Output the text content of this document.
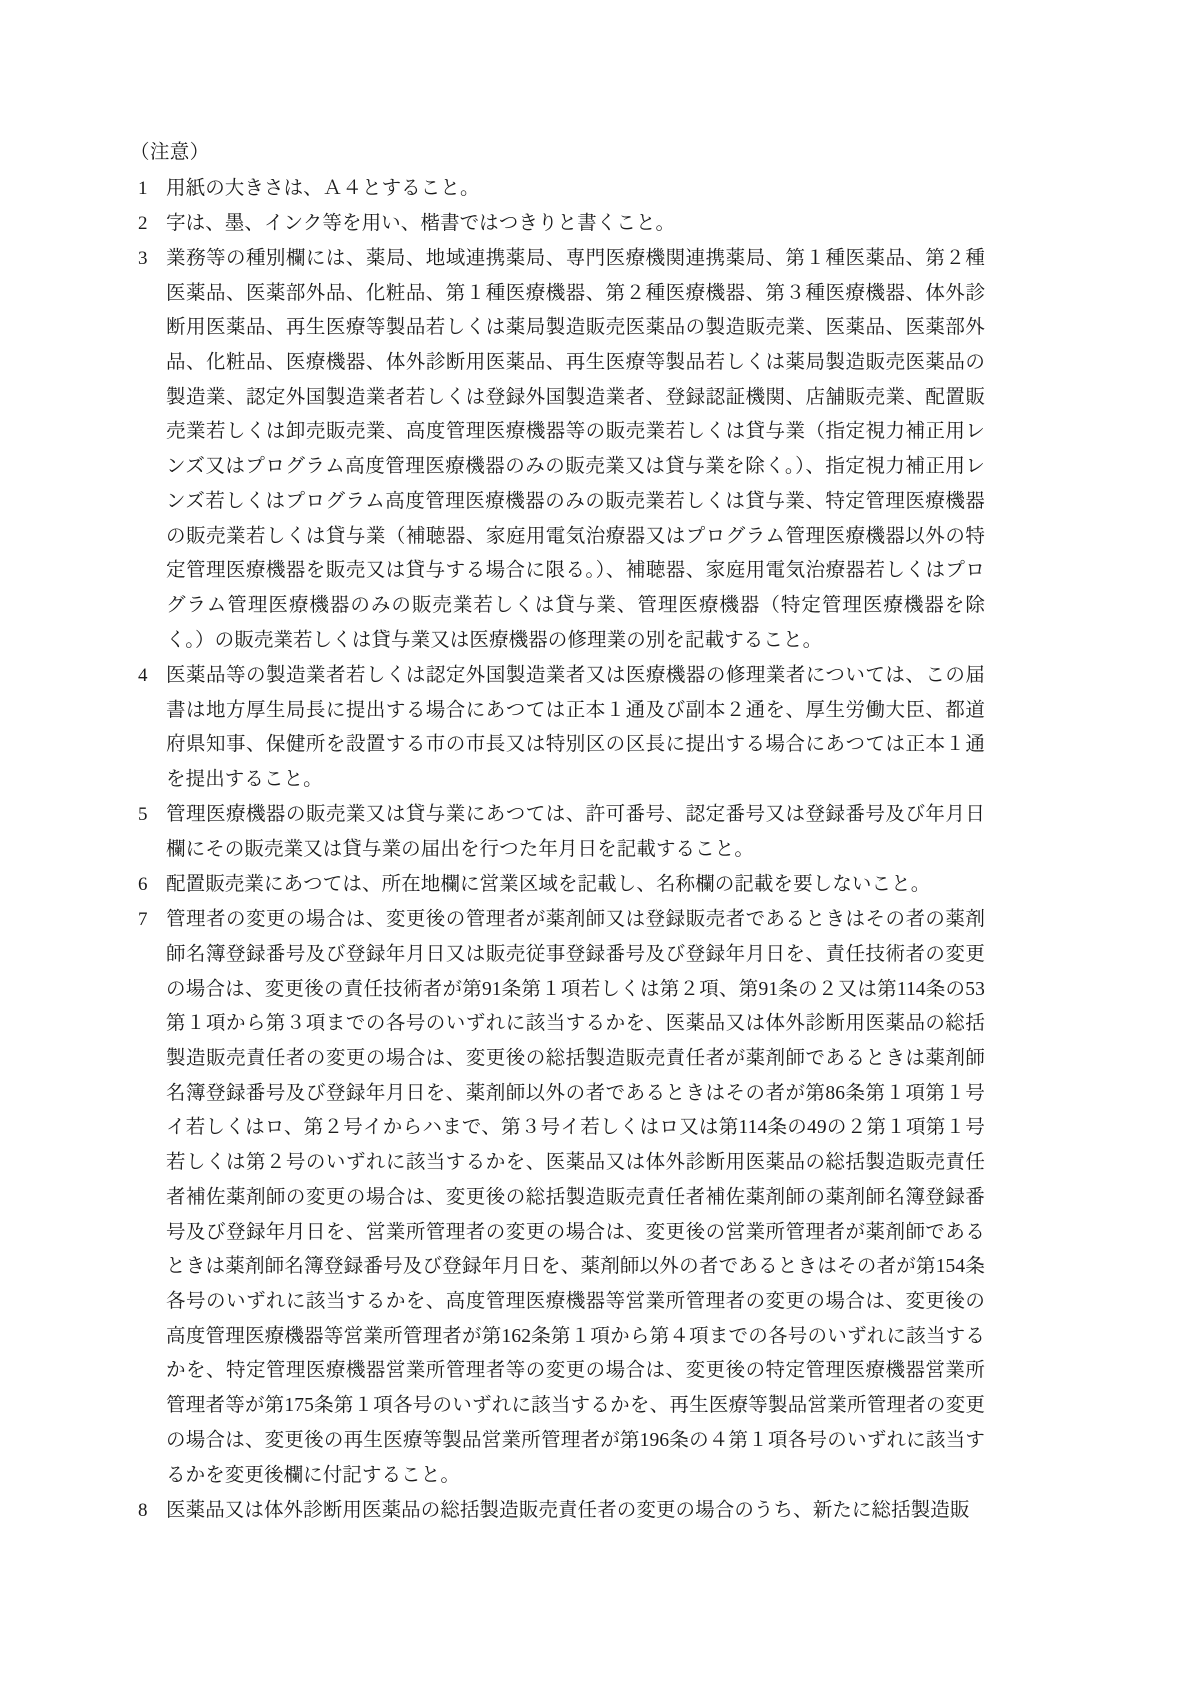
（注意）
1 用紙の大きさは、Ａ４とすること。
2 字は、墨、インク等を用い、楷書ではつきりと書くこと。
3 業務等の種別欄には、薬局、地域連携薬局、専門医療機関連携薬局、第１種医薬品、第２種医薬品、医薬部外品、化粧品、第１種医療機器、第２種医療機器、第３種医療機器、体外診断用医薬品、再生医療等製品若しくは薬局製造販売医薬品の製造販売業、医薬品、医薬部外品、化粧品、医療機器、体外診断用医薬品、再生医療等製品若しくは薬局製造販売医薬品の製造業、認定外国製造業者若しくは登録外国製造業者、登録認証機関、店舗販売業、配置販売業若しくは卸売販売業、高度管理医療機器等の販売業若しくは貸与業（指定視力補正用レンズ又はプログラム高度管理医療機器のみの販売業又は貸与業を除く。）、指定視力補正用レンズ若しくはプログラム高度管理医療機器のみの販売業若しくは貸与業、特定管理医療機器の販売業若しくは貸与業（補聴器、家庭用電気治療器又はプログラム管理医療機器以外の特定管理医療機器を販売又は貸与する場合に限る。）、補聴器、家庭用電気治療器若しくはプログラム管理医療機器のみの販売業若しくは貸与業、管理医療機器（特定管理医療機器を除く。）の販売業若しくは貸与業又は医療機器の修理業の別を記載すること。
4 医薬品等の製造業者若しくは認定外国製造業者又は医療機器の修理業者については、この届書は地方厚生局長に提出する場合にあつては正本１通及び副本２通を、厚生労働大臣、都道府県知事、保健所を設置する市の市長又は特別区の区長に提出する場合にあつては正本１通を提出すること。
5 管理医療機器の販売業又は貸与業にあつては、許可番号、認定番号又は登録番号及び年月日欄にその販売業又は貸与業の届出を行つた年月日を記載すること。
6 配置販売業にあつては、所在地欄に営業区域を記載し、名称欄の記載を要しないこと。
7 管理者の変更の場合は、変更後の管理者が薬剤師又は登録販売者であるときはその者の薬剤師名簿登録番号及び登録年月日又は販売従事登録番号及び登録年月日を、責任技術者の変更の場合は、変更後の責任技術者が第91条第１項若しくは第２項、第91条の２又は第114条の53第１項から第３項までの各号のいずれに該当するかを、医薬品又は体外診断用医薬品の総括製造販売責任者の変更の場合は、変更後の総括製造販売責任者が薬剤師であるときは薬剤師名簿登録番号及び登録年月日を、薬剤師以外の者であるときはその者が第86条第１項第１号イ若しくはロ、第２号イからハまで、第３号イ若しくはロ又は第114条の49の２第１項第１号若しくは第２号のいずれに該当するかを、医薬品又は体外診断用医薬品の総括製造販売責任者補佐薬剤師の変更の場合は、変更後の総括製造販売責任者補佐薬剤師の薬剤師名簿登録番号及び登録年月日を、営業所管理者の変更の場合は、変更後の営業所管理者が薬剤師であるときは薬剤師名簿登録番号及び登録年月日を、薬剤師以外の者であるときはその者が第154条各号のいずれに該当するかを、高度管理医療機器等営業所管理者の変更の場合は、変更後の高度管理医療機器等営業所管理者が第162条第１項から第４項までの各号のいずれに該当するかを、特定管理医療機器営業所管理者等の変更の場合は、変更後の特定管理医療機器営業所管理者等が第175条第１項各号のいずれに該当するかを、再生医療等製品営業所管理者の変更の場合は、変更後の再生医療等製品営業所管理者が第196条の４第１項各号のいずれに該当するかを変更後欄に付記すること。
8 医薬品又は体外診断用医薬品の総括製造販売責任者の変更の場合のうち、新たに総括製造販
